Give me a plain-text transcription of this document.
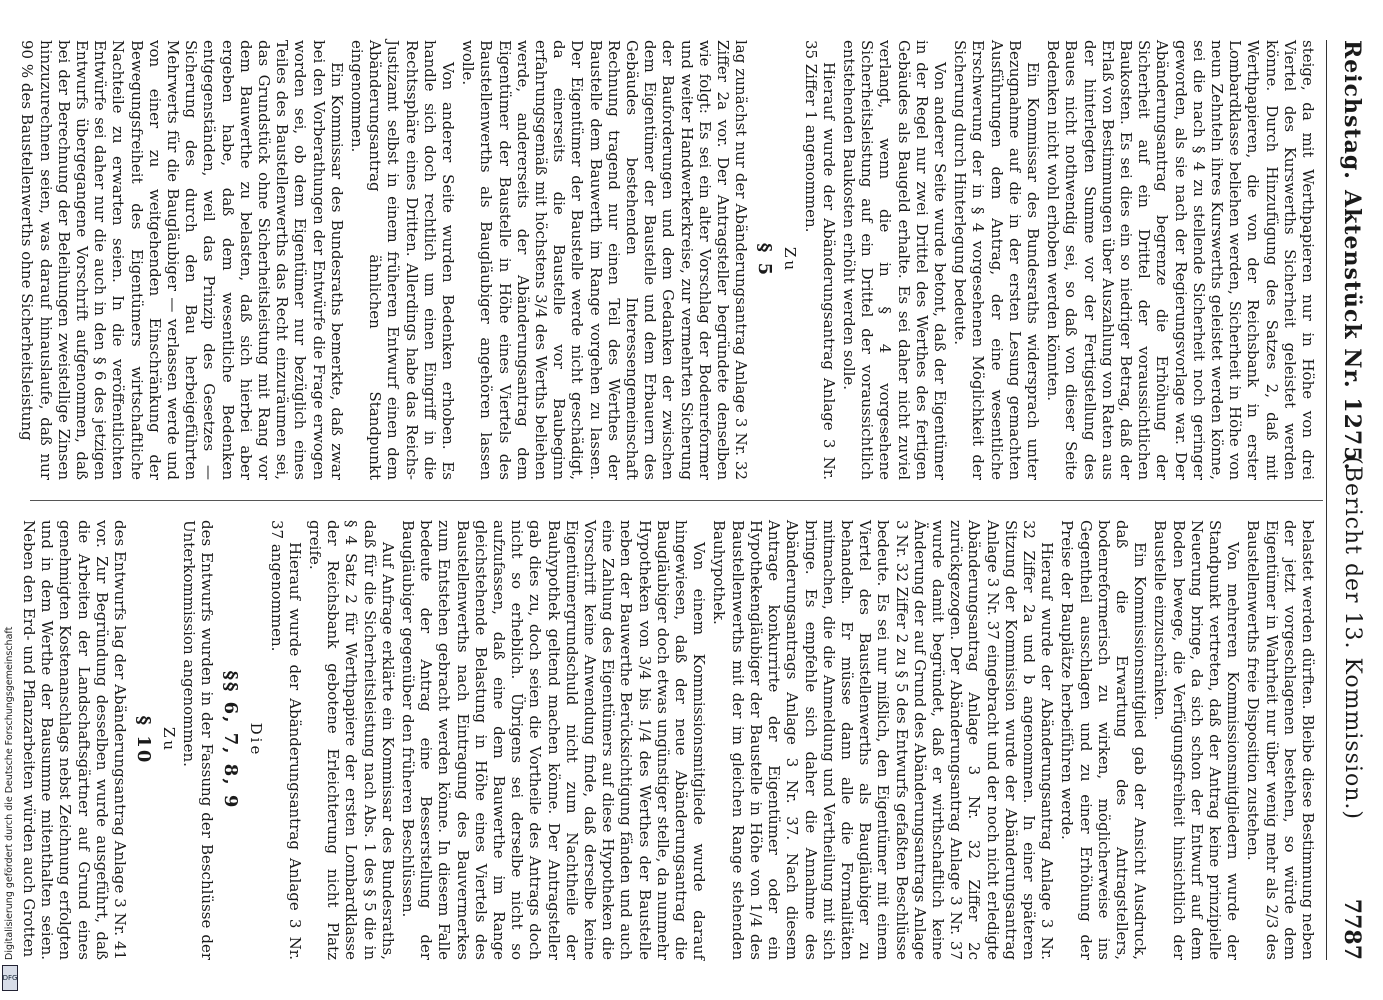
Reichstag.
Aktenstück Nr. 1275.
(Bericht der 13. Kommission.)
7787

steige, da mit Werthpapieren nur in Höhe von drei Viertel des Kurswerths Sicherheit geleistet werden könne. Durch Hinzufügung des Satzes 2, daß mit Werthpapieren, die von der Reichsbank in erster Lombardklasse beliehen werden, Sicherheit in Höhe von neun Zehnteln ihres Kurswerths geleistet werden könne, sei die nach § 4 zu stellende Sicherheit noch geringer geworden, als sie nach der Regierungsvorlage war. Der Abänderungsantrag begrenze die Erhöhung der Sicherheit auf ein Drittel der voraussichtlichen Baukosten. Es sei dies ein so niedriger Betrag, daß der Erlaß von Bestimmungen über Auszahlung von Raten aus der hinterlegten Summe vor der Fertigstellung des Baues nicht nothwendig sei, so daß von dieser Seite Bedenken nicht wohl erhoben werden könnten.

Ein Kommissar des Bundesraths widersprach unter Bezugnahme auf die in der ersten Lesung gemachten Ausführungen dem Antrag, der eine wesentliche Erschwerung der in § 4 vorgesehenen Möglichkeit der Sicherung durch Hinterlegung bedeute.

Von anderer Seite wurde betont, daß der Eigentümer in der Regel nur zwei Drittel des Werthes des fertigen Gebäudes als Baugeld erhalte. Es sei daher nicht zuviel verlangt, wenn die in § 4 vorgesehene Sicherheitsleistung auf ein Drittel der voraussichtlich entstehenden Baukosten erhöht werden solle.

Hierauf wurde der Abänderungsantrag Anlage 3 Nr. 35 Ziffer 1 angenommen.

Zu
§ 5

lag zunächst nur der Abänderungsantrag Anlage 3 Nr. 32 Ziffer 2a vor. Der Antragsteller begründete denselben wie folgt: Es sei ein alter Vorschlag der Bodenreformer und weiter Handwerkerkreise, zur vermehrten Sicherung der Bauforderungen und dem Gedanken der zwischen dem Eigentümer der Baustelle und dem Erbauern des Gebäudes bestehenden Interessengemeinschaft Rechnung tragend nur einen Teil des Werthes der Baustelle dem Bauwerth im Range vorgehen zu lassen. Der Eigentümer der Baustelle werde nicht geschädigt, da einerseits die Baustelle vor Baubeginn erfahrungsgemäß mit höchstens 3/4 des Werths beliehen werde, andererseits der Abänderungsantrag dem Eigentümer der Baustelle in Höhe eines Viertels des Baustellenwerths als Baugläubiger angehören lassen wolle.

Von anderer Seite wurden Bedenken erhoben. Es handle sich doch rechtlich um einen Eingriff in die Rechtssphäre eines Dritten. Allerdings habe das Reichs-Justizamt selbst in einem früheren Entwurf einen dem Abänderungsantrag ähnlichen Standpunkt eingenommen.

Ein Kommissar des Bundesraths bemerkte, daß zwar bei den Vorberathungen der Entwürfe die Frage erwogen worden sei, ob dem Eigentümer nur bezüglich eines Teiles des Baustellenwerths das Recht einzuräumen sei, das Grundstück ohne Sicherheitsleistung mit Rang vor dem Bauwerthe zu belasten, daß sich hierbei aber ergeben habe, daß dem wesentliche Bedenken entgegenständen, weil das Prinzip des Gesetzes — Sicherung des durch den Bau herbeigeführten Mehrwerts für die Baugläubiger — verlassen werde und von einer zu weitgehenden Einschränkung der Bewegungsfreiheit des Eigentümers wirtschaftliche Nachteile zu erwarten seien. In die veröffentlichten Entwürfe sei daher nur die auch in den § 6 des jetzigen Entwurfs übergegangene Vorschrift aufgenommen, daß bei der Berechnung der Beleihungen zweistellige Zinsen hinzuzurechnen seien, was darauf hinauslaufe, daß nur 90 % des Baustellenwerths ohne Sicherheitsleistung

belastet werden dürften. Bleibe diese Bestimmung neben der jetzt vorgeschlagenen bestehen, so würde dem Eigentümer in Wahrheit nur über wenig mehr als 2/3 des Baustellenwerths freie Disposition zustehen.

Von mehreren Kommissionsmitgliedern wurde der Standpunkt vertreten, daß der Antrag keine prinzipielle Neuerung bringe, da sich schon der Entwurf auf dem Boden bewege, die Verfügungsfreiheit hinsichtlich der Baustelle einzuschränken.

Ein Kommissionsmitglied gab der Ansicht Ausdruck, daß die Erwartung des Antragstellers, bodenreformerisch zu wirken, möglicherweise ins Gegentheil ausschlagen und zu einer Erhöhung der Preise der Bauplätze herbeiführen werde.

Hierauf wurde der Abänderungsantrag Anlage 3 Nr. 32 Ziffer 2a und b angenommen. In einer späteren Sitzung der Kommission wurde der Abänderungsantrag Anlage 3 Nr. 37 eingebracht und der noch nicht erledigte Abänderungsantrag Anlage 3 Nr. 32 Ziffer 2c zurückgezogen. Der Abänderungsantrag Anlage 3 Nr. 37 wurde damit begründet, daß er wirthschaftlich keine Änderung der auf Grund des Abänderungsantrags Anlage 3 Nr. 32 Ziffer 2 zu § 5 des Entwurfs gefaßten Beschlüsse bedeute. Es sei nur mißlich, den Eigentümer mit einem Viertel des Baustellenwerths als Baugläubiger zu behandeln. Er müsse dann alle die Formalitäten mitmachen, die die Anmeldung und Vertheilung mit sich bringe. Es empfehle sich daher die Annahme des Abänderungsantrags Anlage 3 Nr. 37. Nach diesem Antrage konkurrirte der Eigentümer oder ein Hypothekengläubiger der Baustelle in Höhe von 1/4 des Baustellenwerths mit der im gleichen Range stehenden Bauhypothek.

Von einem Kommissionsmitgliede wurde darauf hingewiesen, daß der neue Abänderungsantrag die Baugläubiger doch etwas ungünstiger stelle, da nunmehr Hypotheken von 3/4 bis 1/4 des Werthes der Baustelle neben der Bauwerthe Berücksichtigung fänden und auch eine Zahlung des Eigentümers auf diese Hypotheken die Vorschrift keine Anwendung finde, daß derselbe keine Eigentümergrundschuld nicht zum Nachtheile der Bauhypothek geltend machen könne. Der Antragsteller gab dies zu, doch seien die Vortheile des Antrags doch nicht so erheblich. Übrigens sei derselbe nicht so aufzufassen, daß eine dem Bauwerthe im Range gleichstehende Belastung in Höhe eines Viertels des Baustellenwerths nach Eintragung des Bauvermerkes zum Entstehen gebracht werden könne. In diesem Falle bedeute der Antrag eine Besserstellung der Baugläubiger gegenüber den früheren Beschlüssen.

Auf Anfrage erklärte ein Kommissar des Bundesraths, daß für die Sicherheitsleistung nach Abs. 1 des § 5 die in § 4 Satz 2 für Werthpapiere der ersten Lombardklasse der Reichsbank gebotene Erleichterung nicht Platz greife.

Hierauf wurde der Abänderungsantrag Anlage 3 Nr. 37 angenommen.

Die
§§ 6, 7, 8, 9

des Entwurfs wurden in der Fassung der Beschlüsse der Unterkommission angenommen.

Zu
§ 10

des Entwurfs lag der Abänderungsantrag Anlage 3 Nr. 41 vor. Zur Begründung desselben wurde ausgeführt, daß die Arbeiten der Landschaftsgärtner auf Grund eines genehmigten Kostenanschlags nebst Zeichnung erfolgten und in dem Werthe der Bausumme mitenthalten seien. Neben den Erd- und Pflanzarbeiten würden auch Grotten

DFG
Digitalisierung gefördert durch die Deutsche Forschungsgemeinschaft
